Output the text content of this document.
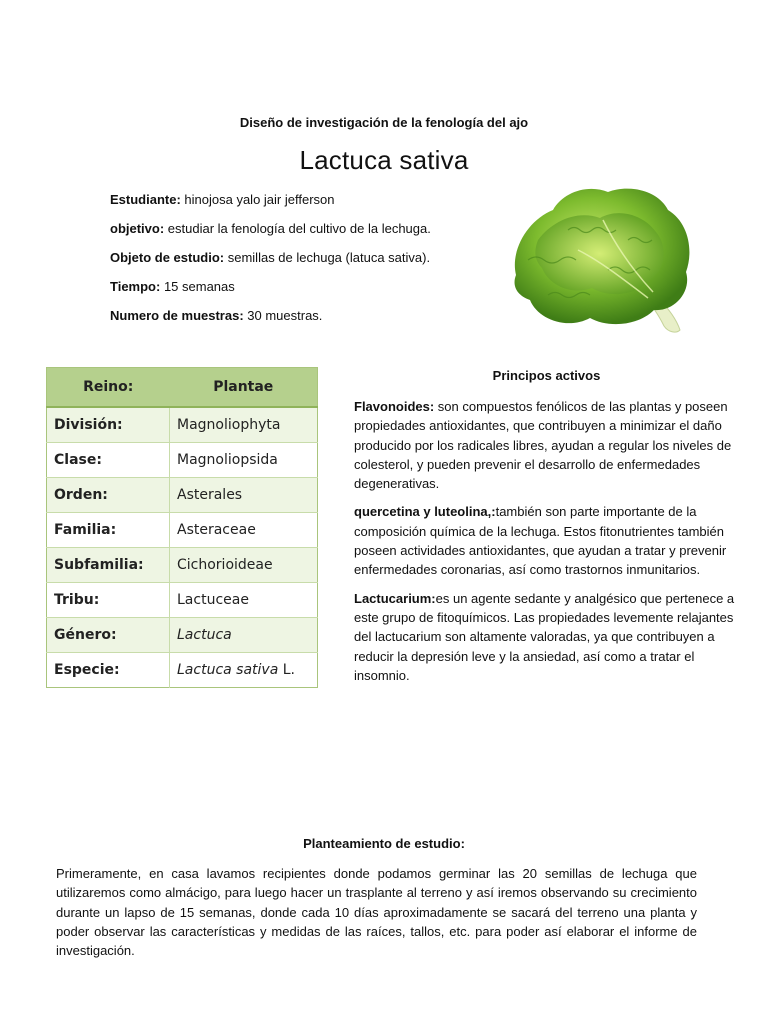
Diseño de investigación de la fenología del ajo
Lactuca sativa

Estudiante: hinojosa yalo jair jefferson

objetivo: estudiar la fenología del cultivo de la lechuga.

Objeto de estudio: semillas de lechuga (latuca sativa).

Tiempo: 15 semanas

Numero de muestras: 30 muestras.

Reino:	Plantae
División:	Magnoliophyta
Clase:	Magnoliopsida
Orden:	Asterales
Familia:	Asteraceae
Subfamilia:	Cichorioideae
Tribu:	Lactuceae
Género:	Lactuca
Especie:	Lactuca sativa L.
Principos activos

Flavonoides: son compuestos fenólicos de las plantas y poseen propiedades antioxidantes, que contribuyen a minimizar el daño producido por los radicales libres, ayudan a regular los niveles de colesterol, y pueden prevenir el desarrollo de enfermedades degenerativas.

quercetina y luteolina,:también son parte importante de la composición química de la lechuga. Estos fitonutrientes también poseen actividades antioxidantes, que ayudan a tratar y prevenir enfermedades coronarias, así como trastornos inmunitarios.

Lactucarium:es un agente sedante y analgésico que pertenece a este grupo de fitoquímicos. Las propiedades levemente relajantes del lactucarium son altamente valoradas, ya que contribuyen a reducir la depresión leve y la ansiedad, así como a tratar el insomnio.

Planteamiento de estudio:
Primeramente, en casa lavamos recipientes donde podamos germinar las 20 semillas de lechuga que utilizaremos como almácigo, para luego hacer un trasplante al terreno y así iremos observando su crecimiento durante un lapso de 15 semanas, donde cada 10 días aproximadamente se sacará del terreno una planta y poder observar las características y medidas de las raíces, tallos, etc. para poder así elaborar el informe de investigación.
